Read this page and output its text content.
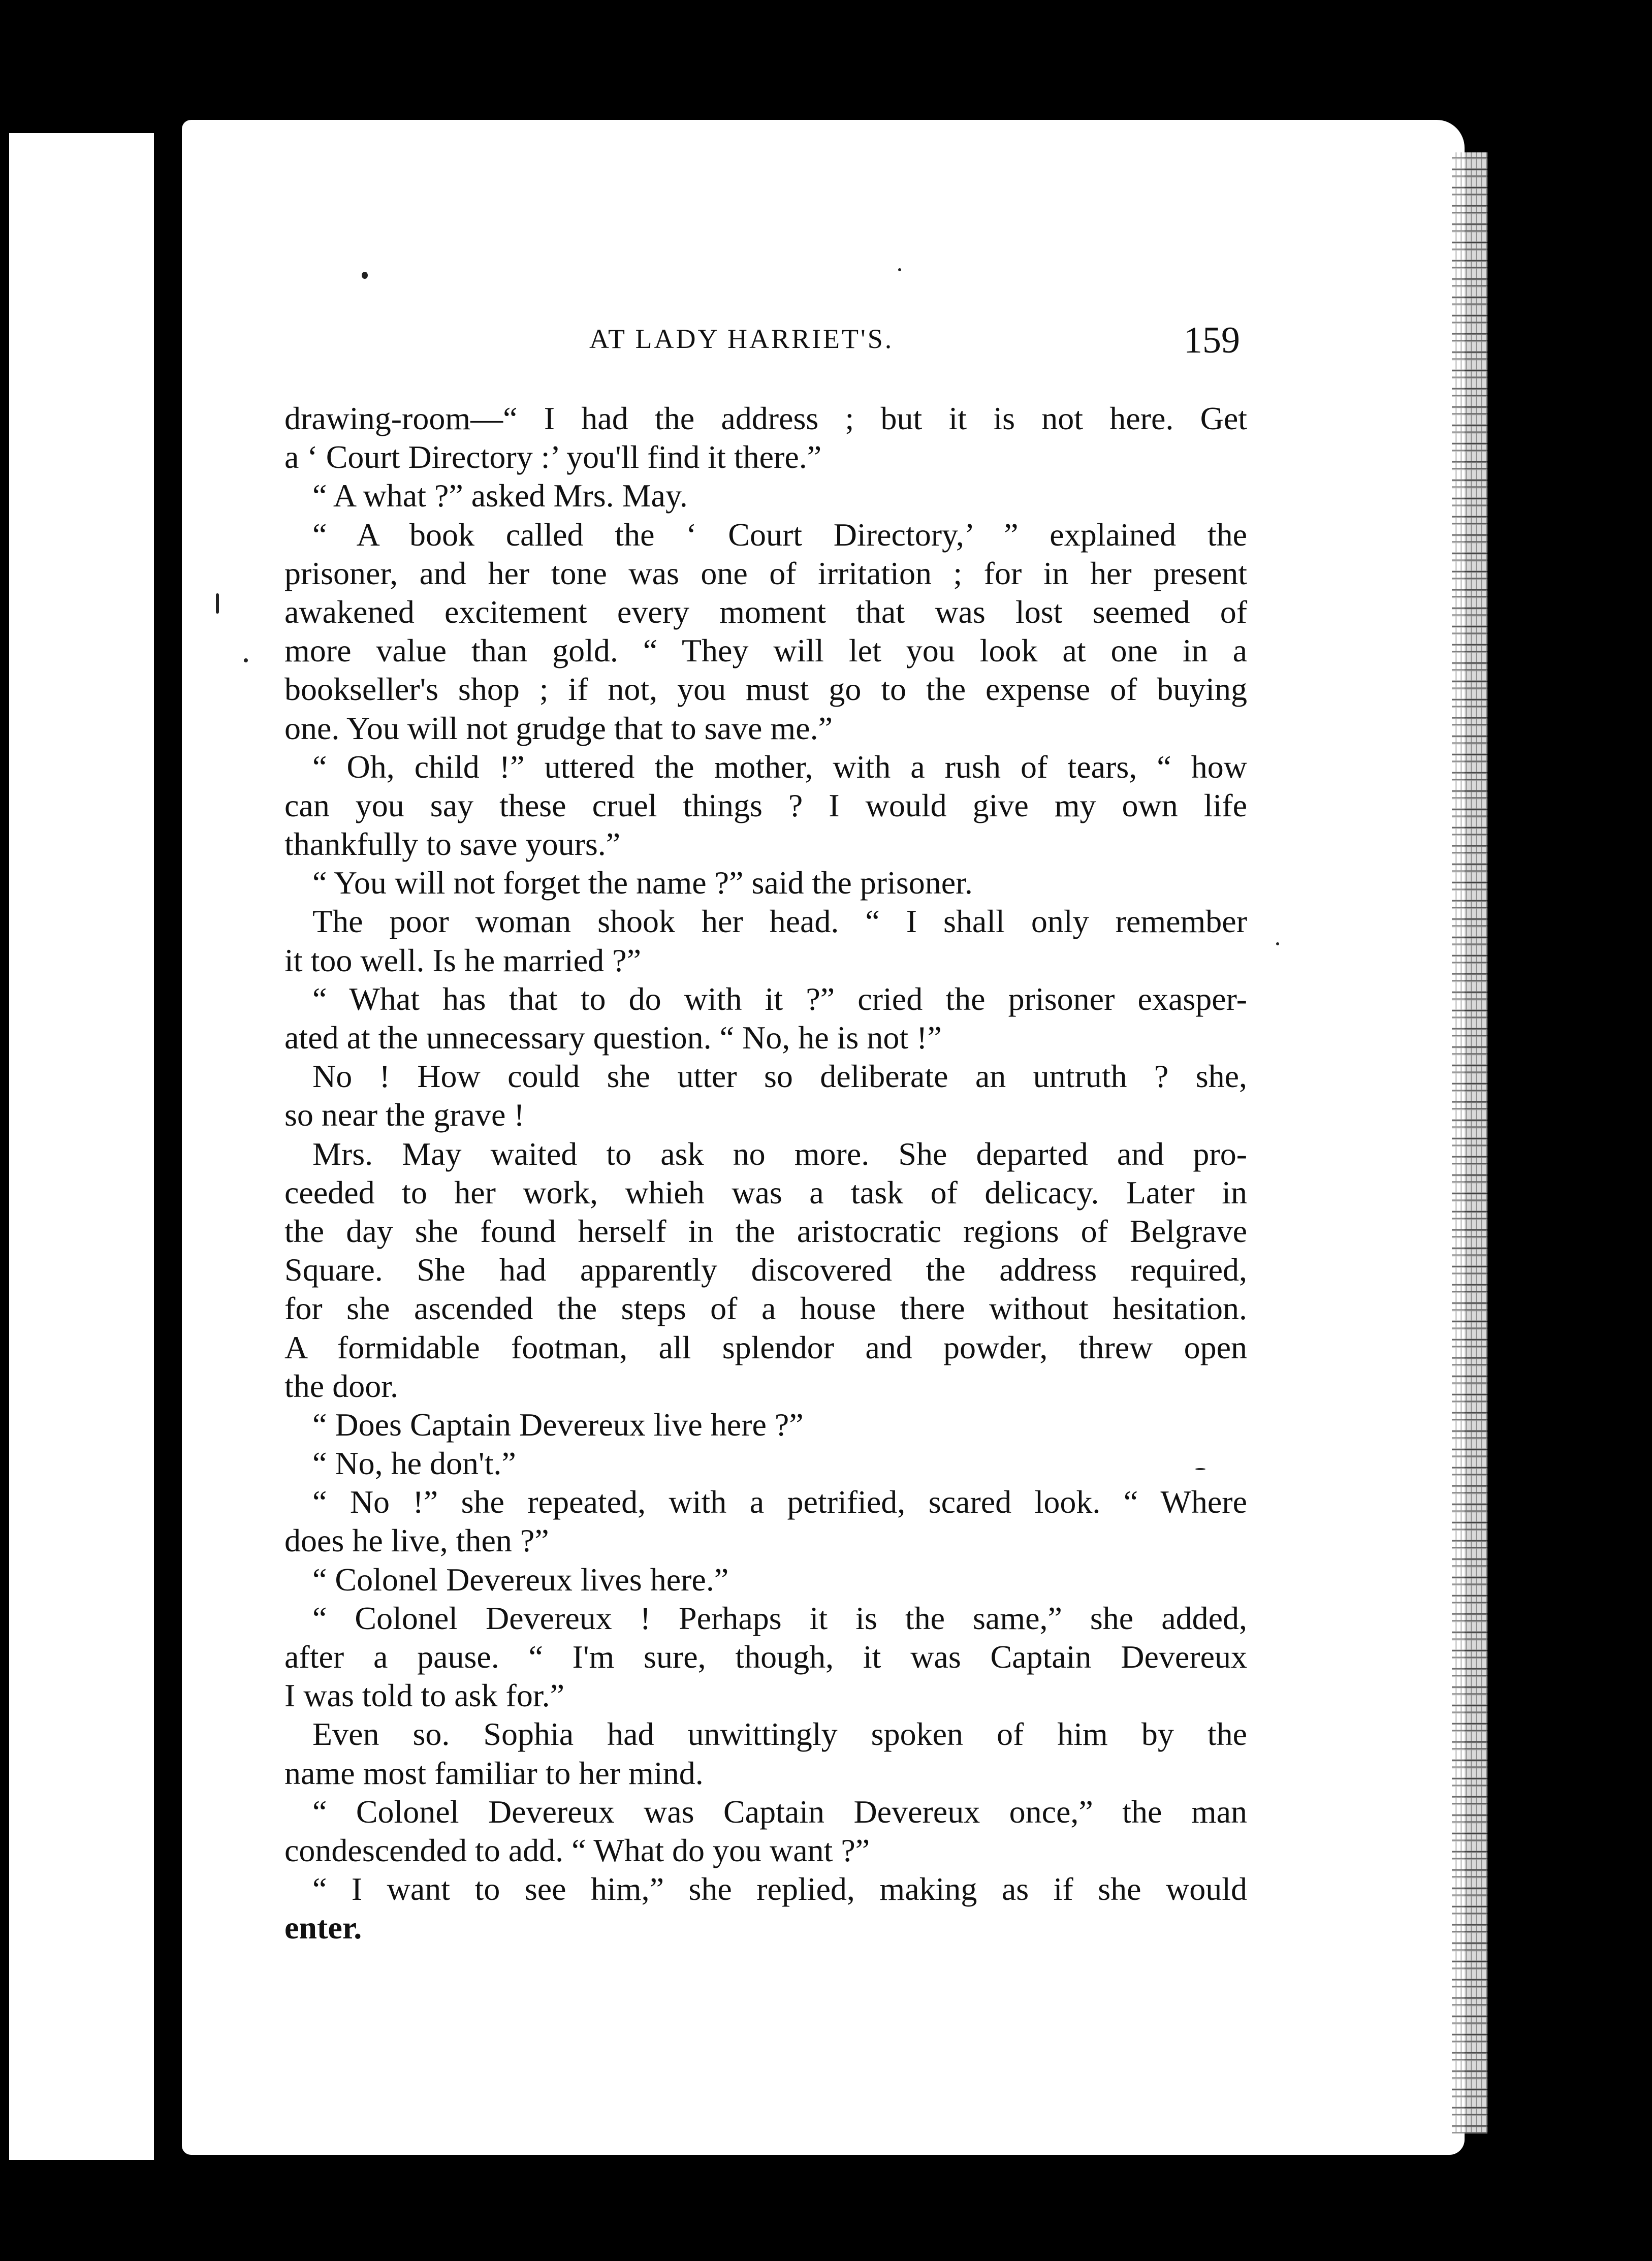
AT LADY HARRIET'S.	159
drawing-room—“ I had the address ; but it is not here. Get
a ‘ Court Directory :’ you'll find it there.”
“ A what ?” asked Mrs. May.
“ A book called the ‘ Court Directory,’ ” explained the
prisoner, and her tone was one of irritation ; for in her present
awakened excitement every moment that was lost seemed of
more value than gold. “ They will let you look at one in a
bookseller's shop ; if not, you must go to the expense of buying
one. You will not grudge that to save me.”
“ Oh, child !” uttered the mother, with a rush of tears, “ how
can you say these cruel things ? I would give my own life
thankfully to save yours.”
“ You will not forget the name ?” said the prisoner.
The poor woman shook her head. “ I shall only remember
it too well. Is he married ?”
“ What has that to do with it ?” cried the prisoner exasper-
ated at the unnecessary question. “ No, he is not !”
No ! How could she utter so deliberate an untruth ? she,
so near the grave !
Mrs. May waited to ask no more. She departed and pro-
ceeded to her work, whieh was a task of delicacy. Later in
the day she found herself in the aristocratic regions of Belgrave
Square. She had apparently discovered the address required,
for she ascended the steps of a house there without hesitation.
A formidable footman, all splendor and powder, threw open
the door.
“ Does Captain Devereux live here ?”
“ No, he don't.”
“ No !” she repeated, with a petrified, scared look. “ Where
does he live, then ?”
“ Colonel Devereux lives here.”
“ Colonel Devereux ! Perhaps it is the same,” she added,
after a pause. “ I'm sure, though, it was Captain Devereux
I was told to ask for.”
Even so. Sophia had unwittingly spoken of him by the
name most familiar to her mind.
“ Colonel Devereux was Captain Devereux once,” the man
condescended to add. “ What do you want ?”
“ I want to see him,” she replied, making as if she would
enter.
